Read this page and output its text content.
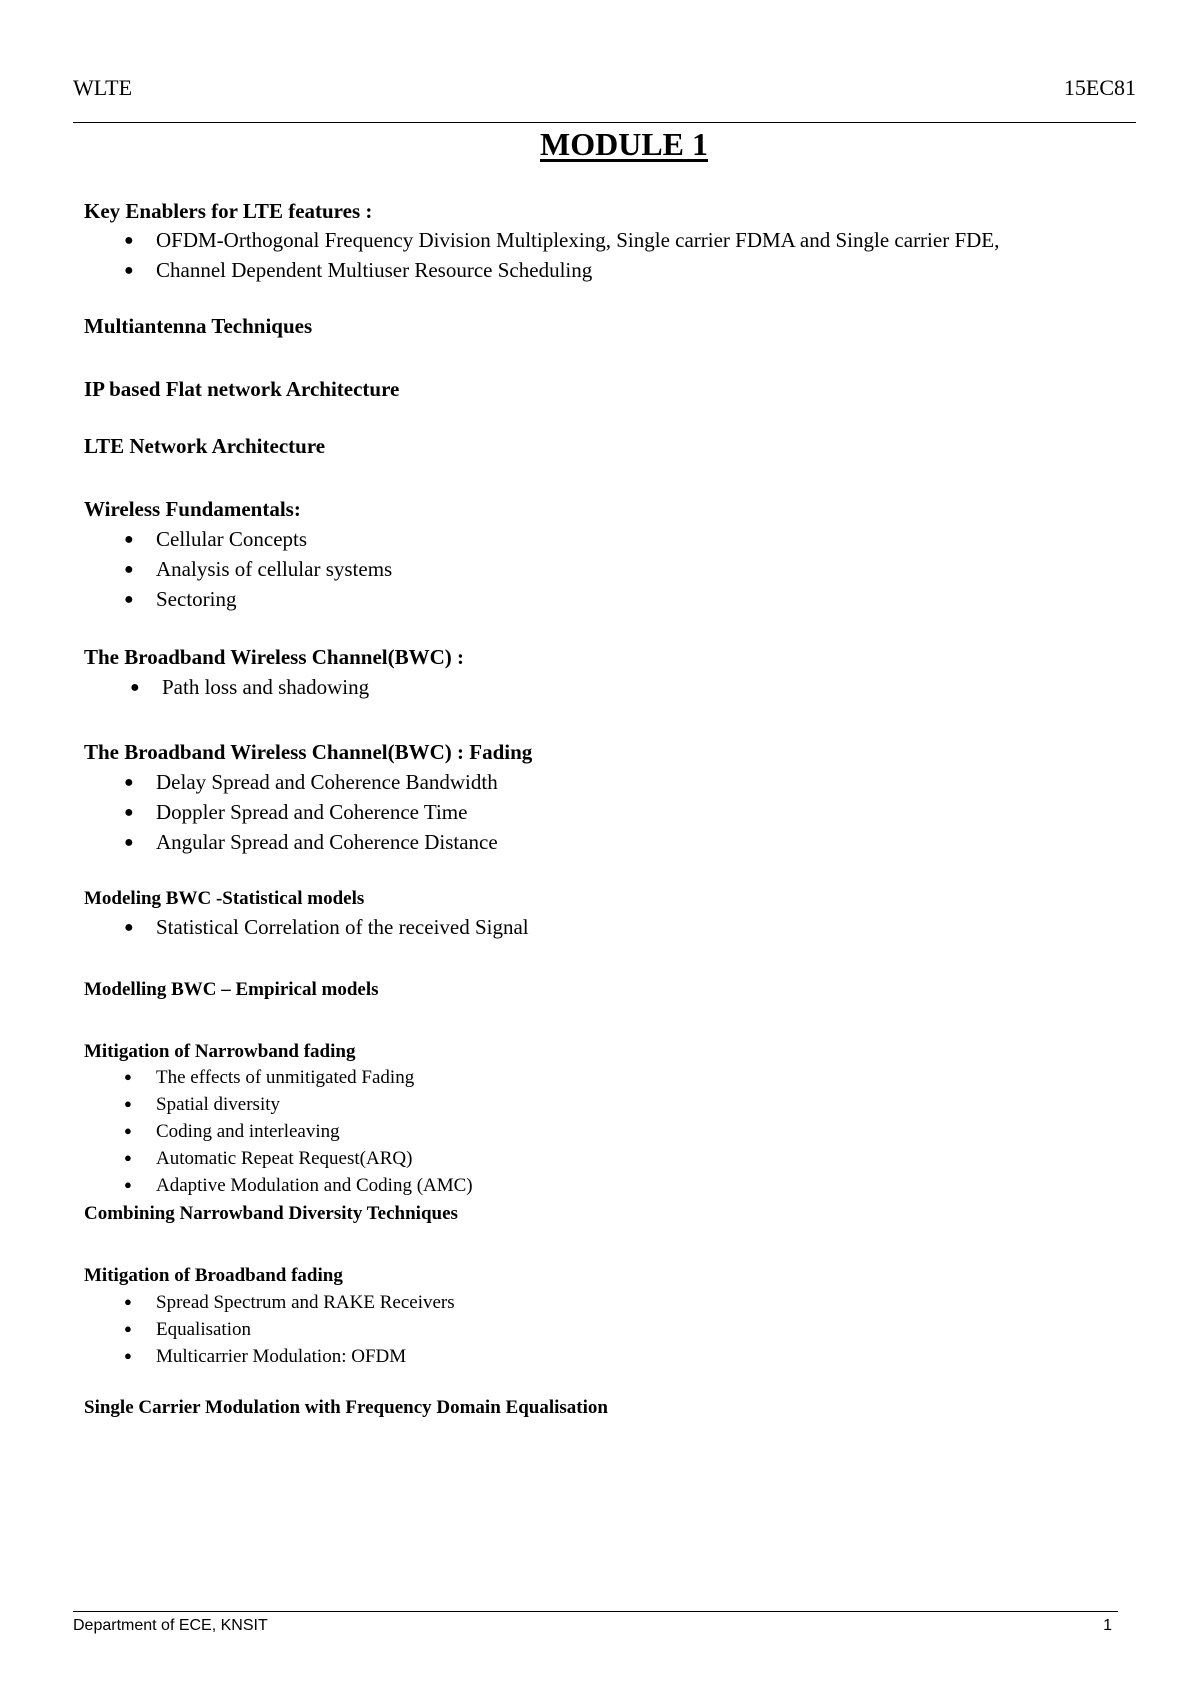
WLTE	15EC81
MODULE 1
Key Enablers for LTE features :
● OFDM-Orthogonal Frequency Division Multiplexing, Single carrier FDMA and Single carrier FDE,
● Channel Dependent Multiuser Resource Scheduling
Multiantenna Techniques
IP based Flat network Architecture
LTE Network Architecture
Wireless Fundamentals:
● Cellular Concepts
● Analysis of cellular systems
● Sectoring
The Broadband Wireless Channel(BWC) :
● Path loss and shadowing
The Broadband Wireless Channel(BWC) : Fading
● Delay Spread and Coherence Bandwidth
● Doppler Spread and Coherence Time
● Angular Spread and Coherence Distance
Modeling BWC -Statistical models
● Statistical Correlation of the received Signal
Modelling BWC – Empirical models
Mitigation of Narrowband fading
● The effects of unmitigated Fading
● Spatial diversity
● Coding and interleaving
● Automatic Repeat Request(ARQ)
● Adaptive Modulation and Coding (AMC)
Combining Narrowband Diversity Techniques
Mitigation of Broadband fading
● Spread Spectrum and RAKE Receivers
● Equalisation
● Multicarrier Modulation: OFDM
Single Carrier Modulation with Frequency Domain Equalisation
Department of ECE, KNSIT	1
